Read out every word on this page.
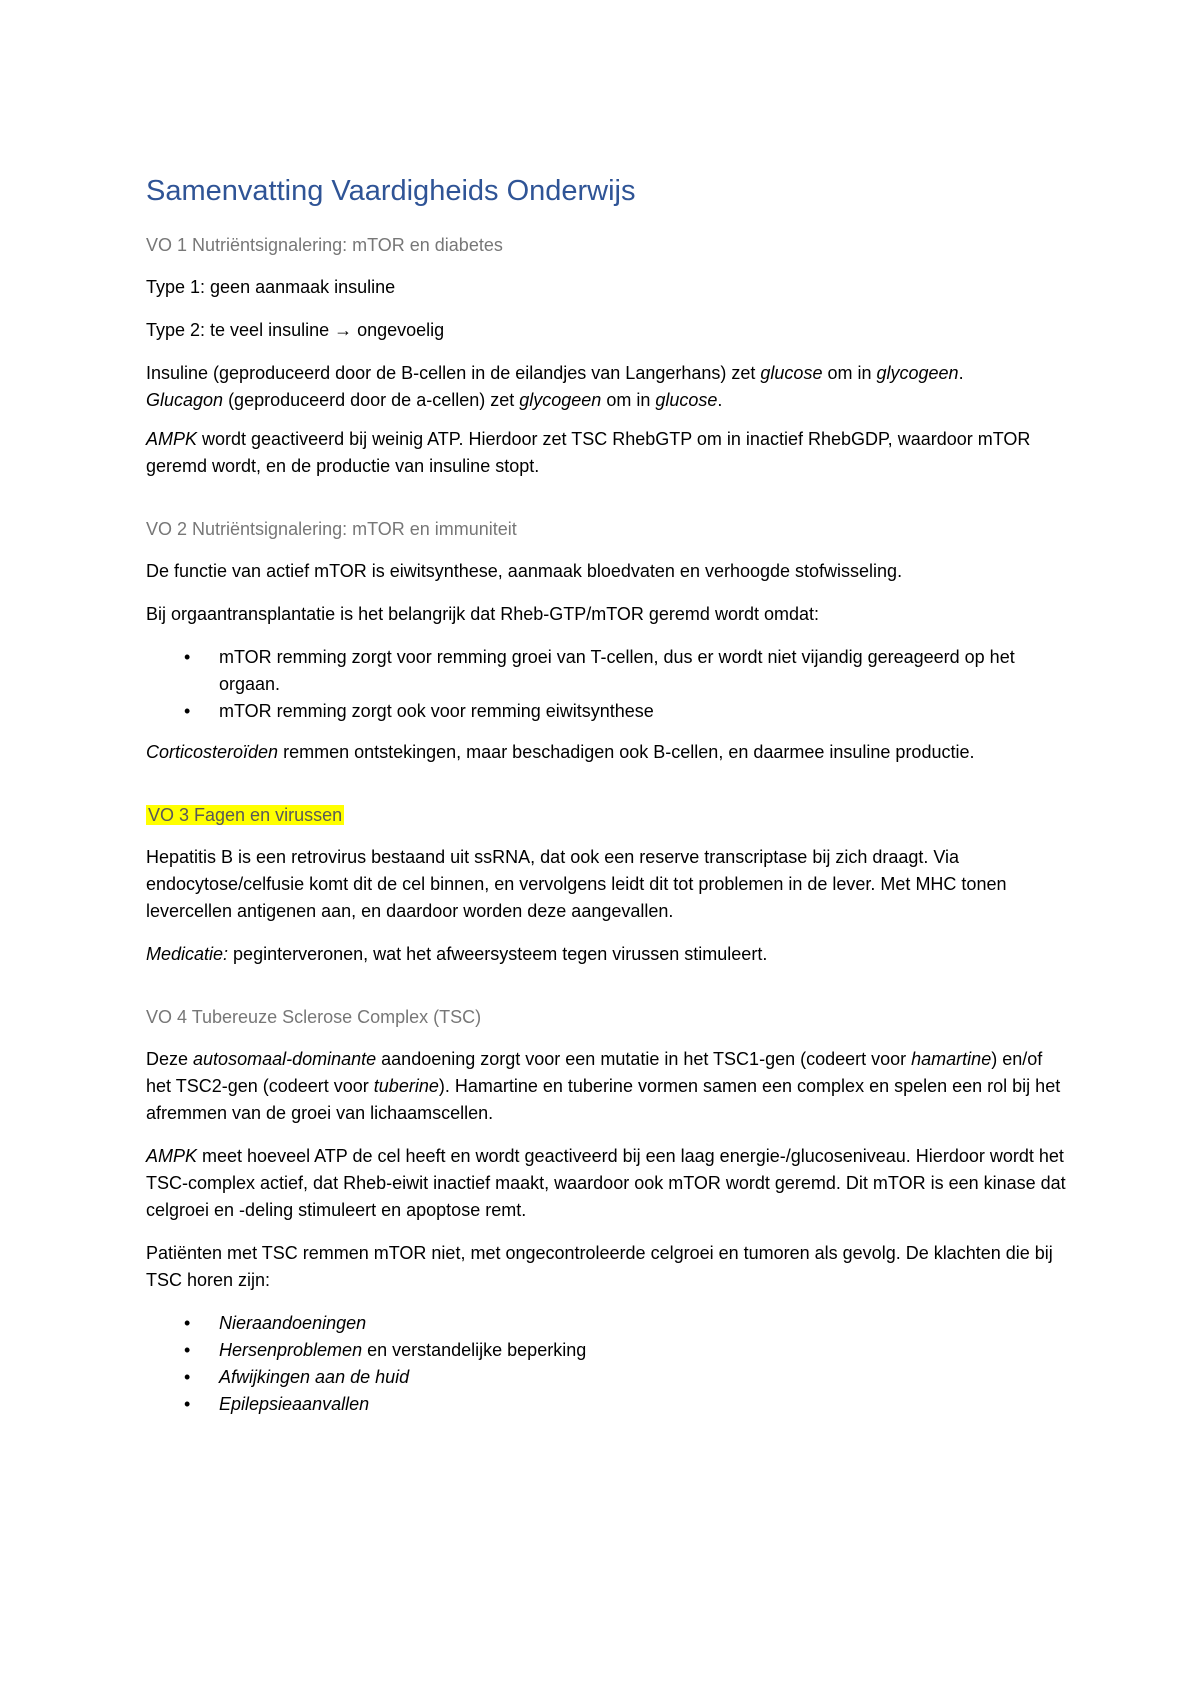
Samenvatting Vaardigheids Onderwijs
VO 1 Nutriëntsignalering: mTOR en diabetes
Type 1: geen aanmaak insuline
Type 2: te veel insuline → ongevoelig
Insuline (geproduceerd door de B-cellen in de eilandjes van Langerhans) zet glucose om in glycogeen.
Glucagon (geproduceerd door de a-cellen) zet glycogeen om in glucose.
AMPK wordt geactiveerd bij weinig ATP. Hierdoor zet TSC RhebGTP om in inactief RhebGDP, waardoor mTOR geremd wordt, en de productie van insuline stopt.
VO 2 Nutriëntsignalering: mTOR en immuniteit
De functie van actief mTOR is eiwitsynthese, aanmaak bloedvaten en verhoogde stofwisseling.
Bij orgaantransplantatie is het belangrijk dat Rheb-GTP/mTOR geremd wordt omdat:
• mTOR remming zorgt voor remming groei van T-cellen, dus er wordt niet vijandig gereageerd op het orgaan.
• mTOR remming zorgt ook voor remming eiwitsynthese
Corticosteroïden remmen ontstekingen, maar beschadigen ook B-cellen, en daarmee insuline productie.
VO 3 Fagen en virussen
Hepatitis B is een retrovirus bestaand uit ssRNA, dat ook een reserve transcriptase bij zich draagt. Via endocytose/celfusie komt dit de cel binnen, en vervolgens leidt dit tot problemen in de lever. Met MHC tonen levercellen antigenen aan, en daardoor worden deze aangevallen.
Medicatie: peginterveronen, wat het afweersysteem tegen virussen stimuleert.
VO 4 Tubereuze Sclerose Complex (TSC)
Deze autosomaal-dominante aandoening zorgt voor een mutatie in het TSC1-gen (codeert voor hamartine) en/of het TSC2-gen (codeert voor tuberine). Hamartine en tuberine vormen samen een complex en spelen een rol bij het afremmen van de groei van lichaamscellen.
AMPK meet hoeveel ATP de cel heeft en wordt geactiveerd bij een laag energie-/glucoseniveau. Hierdoor wordt het TSC-complex actief, dat Rheb-eiwit inactief maakt, waardoor ook mTOR wordt geremd. Dit mTOR is een kinase dat celgroei en -deling stimuleert en apoptose remt.
Patiënten met TSC remmen mTOR niet, met ongecontroleerde celgroei en tumoren als gevolg. De klachten die bij TSC horen zijn:
• Nieraandoeningen
• Hersenproblemen en verstandelijke beperking
• Afwijkingen aan de huid
• Epilepsieaanvallen
